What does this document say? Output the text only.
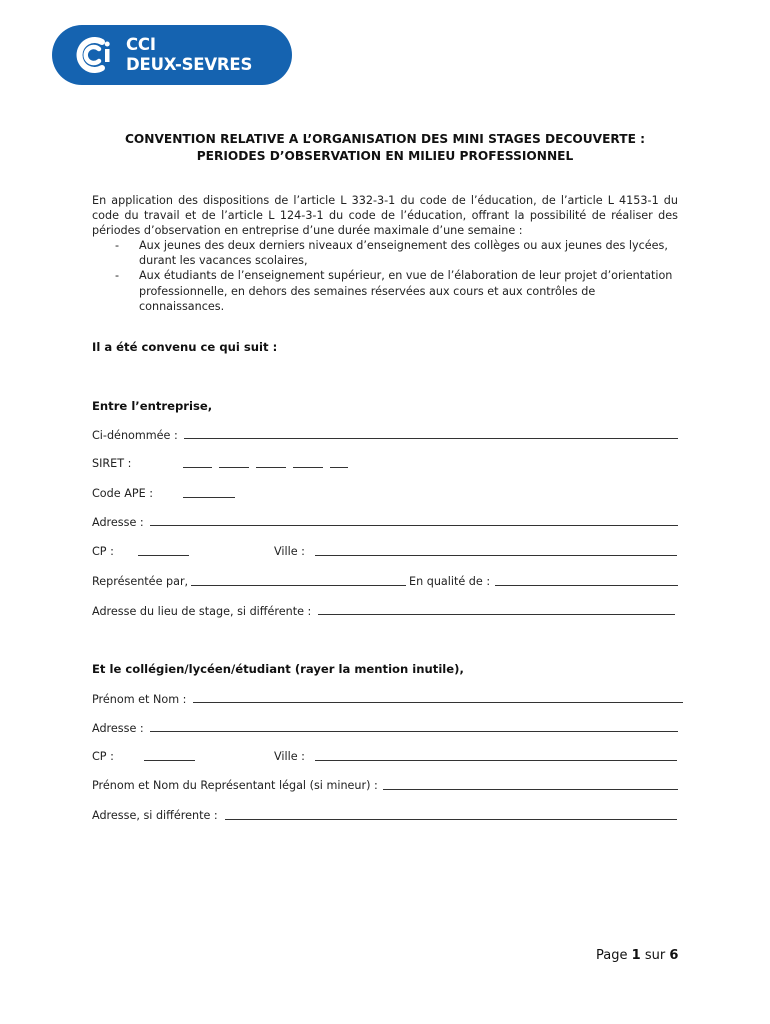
CCI
DEUX-SEVRES
CONVENTION RELATIVE A L’ORGANISATION DES MINI STAGES DECOUVERTE :
PERIODES D’OBSERVATION EN MILIEU PROFESSIONNEL
En application des dispositions de l’article L 332-3-1 du code de l’éducation, de l’article L 4153-1 du code du travail et de l’article L 124-3-1 du code de l’éducation, offrant la possibilité de réaliser des périodes d’observation en entreprise d’une durée maximale d’une semaine :
- Aux jeunes des deux derniers niveaux d’enseignement des collèges ou aux jeunes des lycées,
durant les vacances scolaires,
- Aux étudiants de l’enseignement supérieur, en vue de l’élaboration de leur projet d’orientation
professionnelle, en dehors des semaines réservées aux cours et aux contrôles de connaissances.
Il a été convenu ce qui suit :
Entre l’entreprise,
Ci-dénommée :
SIRET :
Code APE :
Adresse :
CP :	Ville :
Représentée par,	En qualité de :
Adresse du lieu de stage, si différente :
Et le collégien/lycéen/étudiant (rayer la mention inutile),
Prénom et Nom :
Adresse :
CP :	Ville :
Prénom et Nom du Représentant légal (si mineur) :
Adresse, si différente :
Page 1 sur 6
